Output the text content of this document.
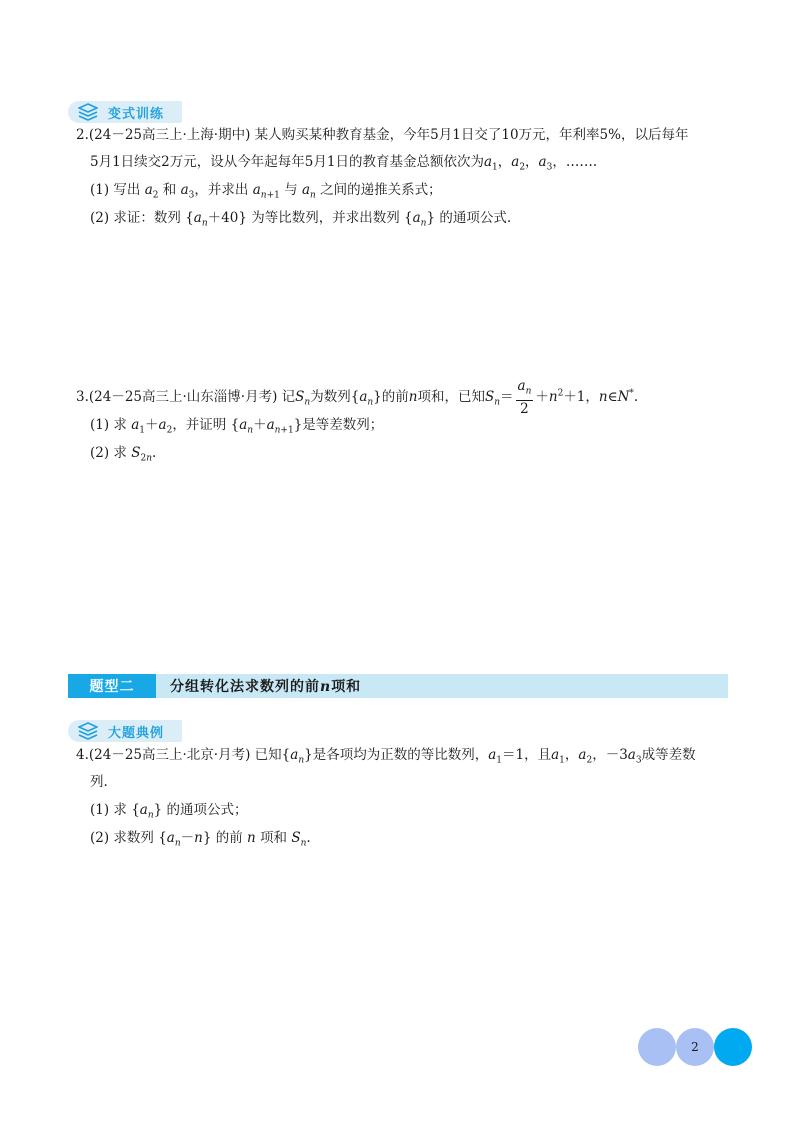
变式训练
2.(24－25高三上·上海·期中) 某人购买某种教育基金，今年5月1日交了10万元，年利率5%，以后每年
5月1日续交2万元，设从今年起每年5月1日的教育基金总额依次为$a_1$，$a_2$，$a_3$，…….
(1) 写出 $a_2$ 和 $a_3$，并求出 $a_{n+1}$ 与 $a_n$ 之间的递推关系式；
(2) 求证：数列 $\{a_n+40\}$ 为等比数列，并求出数列 $\{a_n\}$ 的通项公式.
3.(24－25高三上·山东淄博·月考) 记$S_n$为数列$\{a_n\}$的前n项和，已知$S_n= \frac{a_n}{2} +n^2+1$，n∈N*.
(1) 求 $a_1+a_2$，并证明 $\{a_n+a_{n+1}\}$是等差数列；
(2) 求 $S_{2n}$.
题型二	分组转化法求数列的前n项和
大题典例
4.(24－25高三上·北京·月考) 已知$\{a_n\}$是各项均为正数的等比数列，$a_1=1$，且$a_1$，$a_2$，$-3a_3$成等差数
列.
(1) 求 $\{a_n\}$ 的通项公式；
(2) 求数列 $\{a_n-n\}$ 的前 n 项和 $S_n$.
2
